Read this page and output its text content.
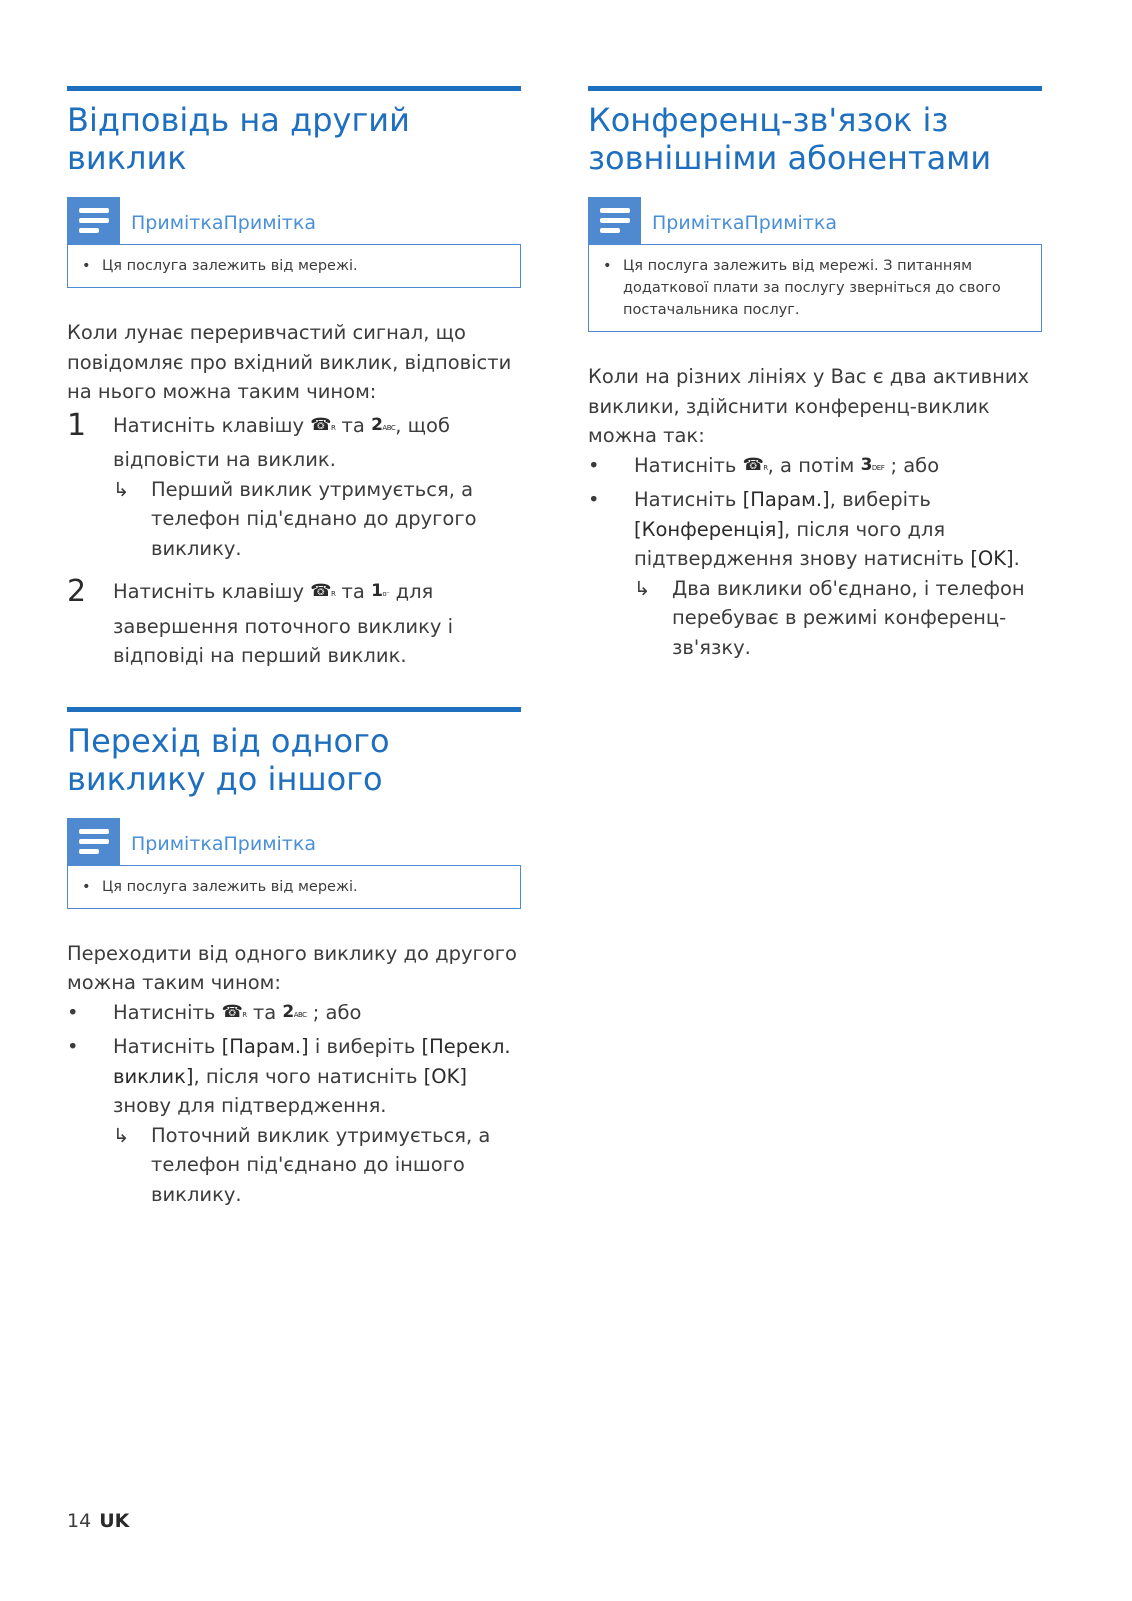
Відповідь на другий виклик
ПриміткаПримітка
• Ця послуга залежить від мережі.

Коли лунає переривчастий сигнал, що повідомляє про вхідний виклик, відповісти на нього можна таким чином:

1 Натисніть клавішу ☎R та 2ABC, щоб відповісти на виклик.
↳ Перший виклик утримується, а телефон під'єднано до другого виклику.
2 Натисніть клавішу ☎R та 1o⁻ для завершення поточного виклику і відповіді на перший виклик.
Перехід від одного виклику до іншого
ПриміткаПримітка
• Ця послуга залежить від мережі.

Переходити від одного виклику до другого можна таким чином:

• Натисніть ☎R та 2ABC ; або
• Натисніть [Парам.] і виберіть [Перекл. виклик], після чого натисніть [OK] знову для підтвердження.
↳ Поточний виклик утримується, а телефон під'єднано до іншого виклику.
Конференц-зв'язок із зовнішніми абонентами
ПриміткаПримітка
• Ця послуга залежить від мережі. З питанням додаткової плати за послугу зверніться до свого постачальника послуг.

Коли на різних лініях у Вас є два активних виклики, здійснити конференц-виклик можна так:

• Натисніть ☎R, а потім 3DEF ; або
• Натисніть [Парам.], виберіть [Конференція], після чого для підтвердження знову натисніть [OK].
↳ Два виклики об'єднано, і телефон перебуває в режимі конференц-зв'язку.
14 UK
